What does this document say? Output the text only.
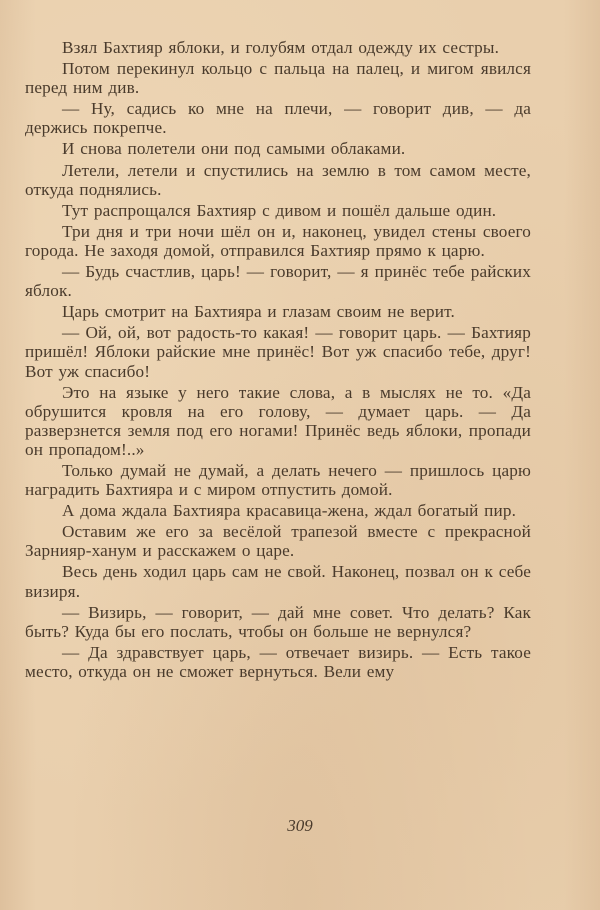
Взял Бахтияр яблоки, и голубям отдал одежду их сестры.

Потом перекинул кольцо с пальца на палец, и мигом явился перед ним див.

— Ну, садись ко мне на плечи, — говорит див, — да держись покрепче.

И снова полетели они под самыми облаками.

Летели, летели и спустились на землю в том самом месте, откуда поднялись.

Тут распрощался Бахтияр с дивом и пошёл дальше один.

Три дня и три ночи шёл он и, наконец, увидел стены своего города. Не заходя домой, отправился Бахтияр прямо к царю.

— Будь счастлив, царь! — говорит, — я принёс тебе райских яблок.

Царь смотрит на Бахтияра и глазам своим не верит.

— Ой, ой, вот радость-то какая! — говорит царь. — Бахтияр пришёл! Яблоки райские мне принёс! Вот уж спасибо тебе, друг! Вот уж спасибо!

Это на языке у него такие слова, а в мыслях не то. «Да обрушится кровля на его голову, — думает царь. — Да разверзнется земля под его ногами! Принёс ведь яблоки, пропади он пропадом!..»

Только думай не думай, а делать нечего — пришлось царю наградить Бахтияра и с миром отпустить домой.

А дома ждала Бахтияра красавица-жена, ждал богатый пир.

Оставим же его за весёлой трапезой вместе с прекрасной Зарнияр-ханум и расскажем о царе.

Весь день ходил царь сам не свой. Наконец, позвал он к себе визиря.

— Визирь, — говорит, — дай мне совет. Что делать? Как быть? Куда бы его послать, чтобы он больше не вернулся?

— Да здравствует царь, — отвечает визирь. — Есть такое место, откуда он не сможет вернуться. Вели ему

309
